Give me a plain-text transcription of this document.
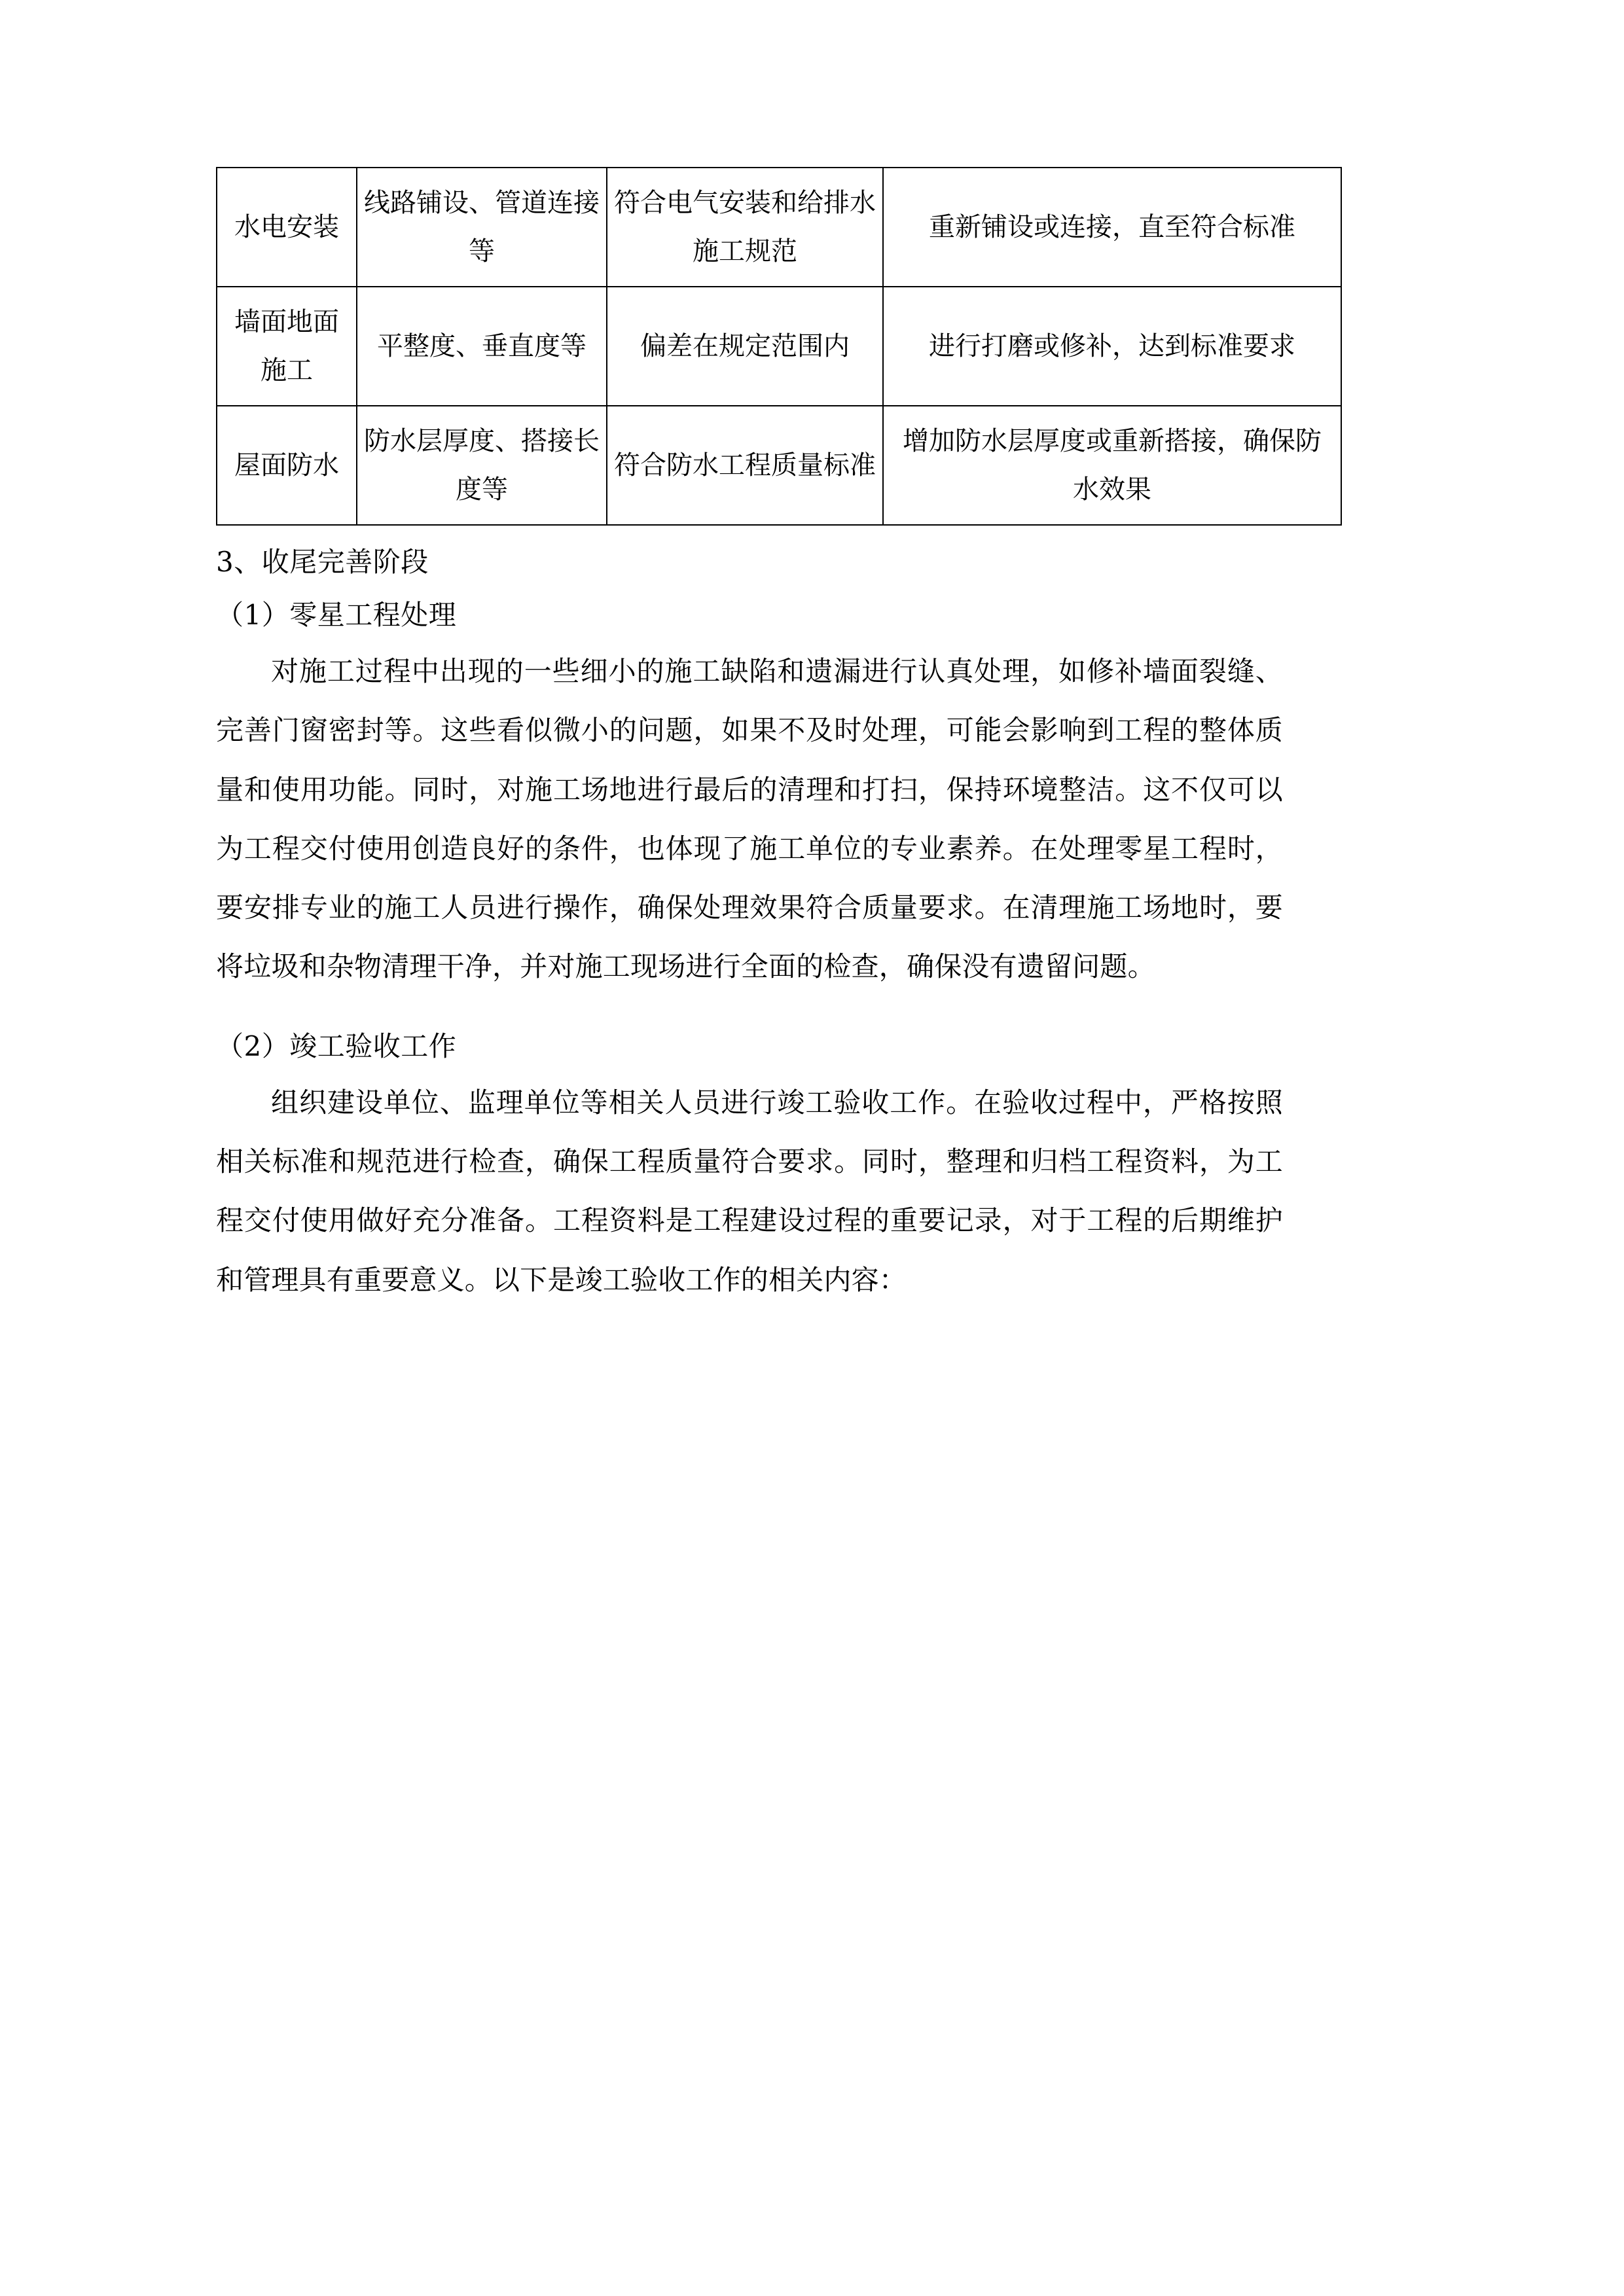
水电安装	线路铺设、管道连接等	符合电气安装和给排水施工规范	重新铺设或连接，直至符合标准
墙面地面施工	平整度、垂直度等	偏差在规定范围内	进行打磨或修补，达到标准要求
屋面防水	防水层厚度、搭接长度等	符合防水工程质量标准	增加防水层厚度或重新搭接，确保防水效果

3、收尾完善阶段

（1）零星工程处理

对施工过程中出现的一些细小的施工缺陷和遗漏进行认真处理，如修补墙面裂缝、完善门窗密封等。这些看似微小的问题，如果不及时处理，可能会影响到工程的整体质量和使用功能。同时，对施工场地进行最后的清理和打扫，保持环境整洁。这不仅可以为工程交付使用创造良好的条件，也体现了施工单位的专业素养。在处理零星工程时，要安排专业的施工人员进行操作，确保处理效果符合质量要求。在清理施工场地时，要将垃圾和杂物清理干净，并对施工现场进行全面的检查，确保没有遗留问题。

（2）竣工验收工作

组织建设单位、监理单位等相关人员进行竣工验收工作。在验收过程中，严格按照相关标准和规范进行检查，确保工程质量符合要求。同时，整理和归档工程资料，为工程交付使用做好充分准备。工程资料是工程建设过程的重要记录，对于工程的后期维护和管理具有重要意义。以下是竣工验收工作的相关内容：
